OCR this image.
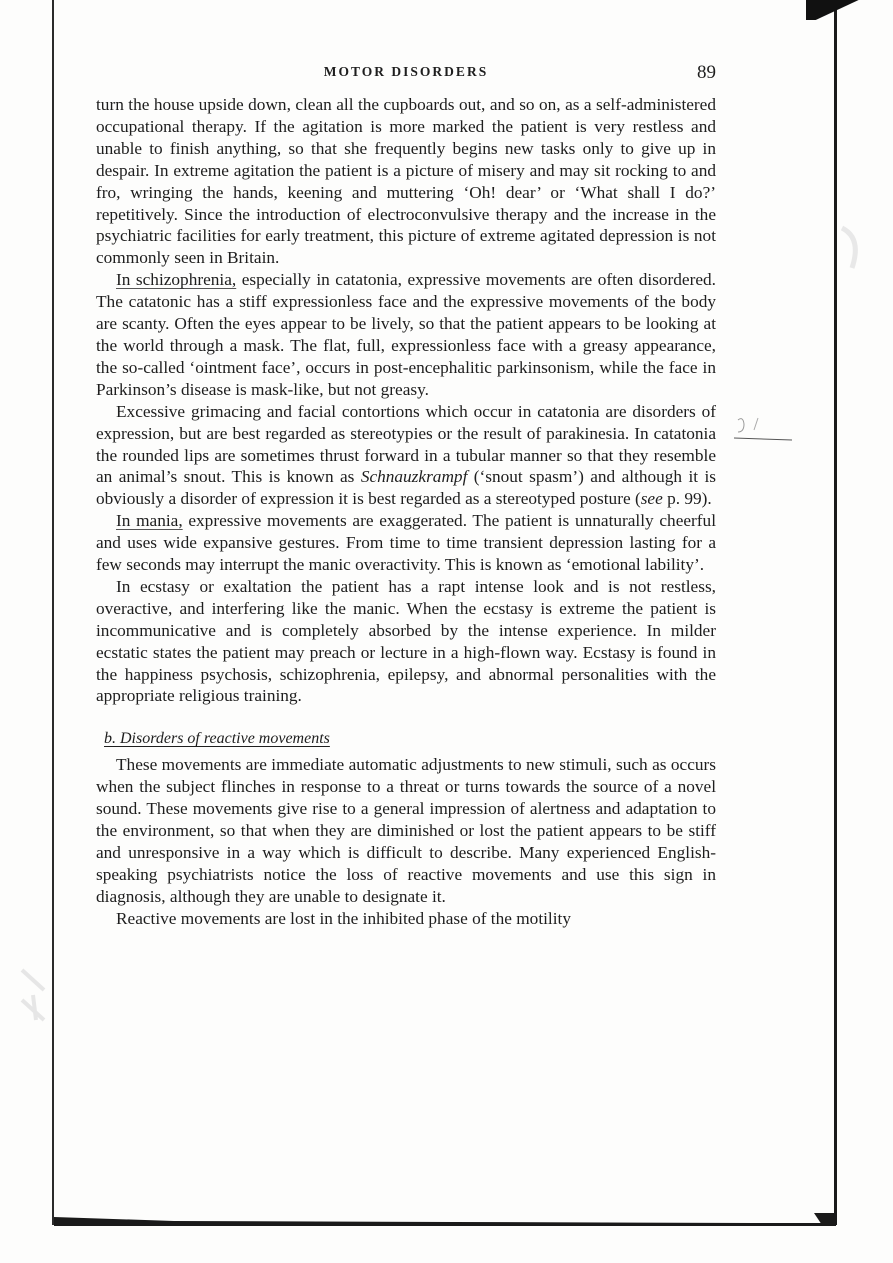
MOTOR DISORDERS	89

turn the house upside down, clean all the cupboards out, and so on, as a self-administered occupational therapy. If the agitation is more marked the patient is very restless and unable to finish anything, so that she frequently begins new tasks only to give up in despair. In extreme agitation the patient is a picture of misery and may sit rocking to and fro, wringing the hands, keening and muttering ‘Oh! dear’ or ‘What shall I do?’ repetitively. Since the introduction of electroconvulsive therapy and the increase in the psychiatric facilities for early treatment, this picture of extreme agitated depression is not commonly seen in Britain.

In schizophrenia, especially in catatonia, expressive movements are often disordered. The catatonic has a stiff expressionless face and the expressive movements of the body are scanty. Often the eyes appear to be lively, so that the patient appears to be looking at the world through a mask. The flat, full, expressionless face with a greasy appearance, the so-called ‘ointment face’, occurs in post-encephalitic parkinsonism, while the face in Parkinson’s disease is mask-like, but not greasy.

Excessive grimacing and facial contortions which occur in catatonia are disorders of expression, but are best regarded as stereotypies or the result of parakinesia. In catatonia the rounded lips are sometimes thrust forward in a tubular manner so that they resemble an animal’s snout. This is known as Schnauzkrampf (‘snout spasm’) and although it is obviously a disorder of expression it is best regarded as a stereotyped posture (see p. 99).

In mania, expressive movements are exaggerated. The patient is unnaturally cheerful and uses wide expansive gestures. From time to time transient depression lasting for a few seconds may interrupt the manic overactivity. This is known as ‘emotional lability’.

In ecstasy or exaltation the patient has a rapt intense look and is not restless, overactive, and interfering like the manic. When the ecstasy is extreme the patient is incommunicative and is completely absorbed by the intense experience. In milder ecstatic states the patient may preach or lecture in a high-flown way. Ecstasy is found in the happiness psychosis, schizophrenia, epilepsy, and abnormal personalities with the appropriate religious training.

b. Disorders of reactive movements

These movements are immediate automatic adjustments to new stimuli, such as occurs when the subject flinches in response to a threat or turns towards the source of a novel sound. These movements give rise to a general impression of alertness and adaptation to the environment, so that when they are diminished or lost the patient appears to be stiff and unresponsive in a way which is difficult to describe. Many experienced English-speaking psychiatrists notice the loss of reactive movements and use this sign in diagnosis, although they are unable to designate it.

Reactive movements are lost in the inhibited phase of the motility
